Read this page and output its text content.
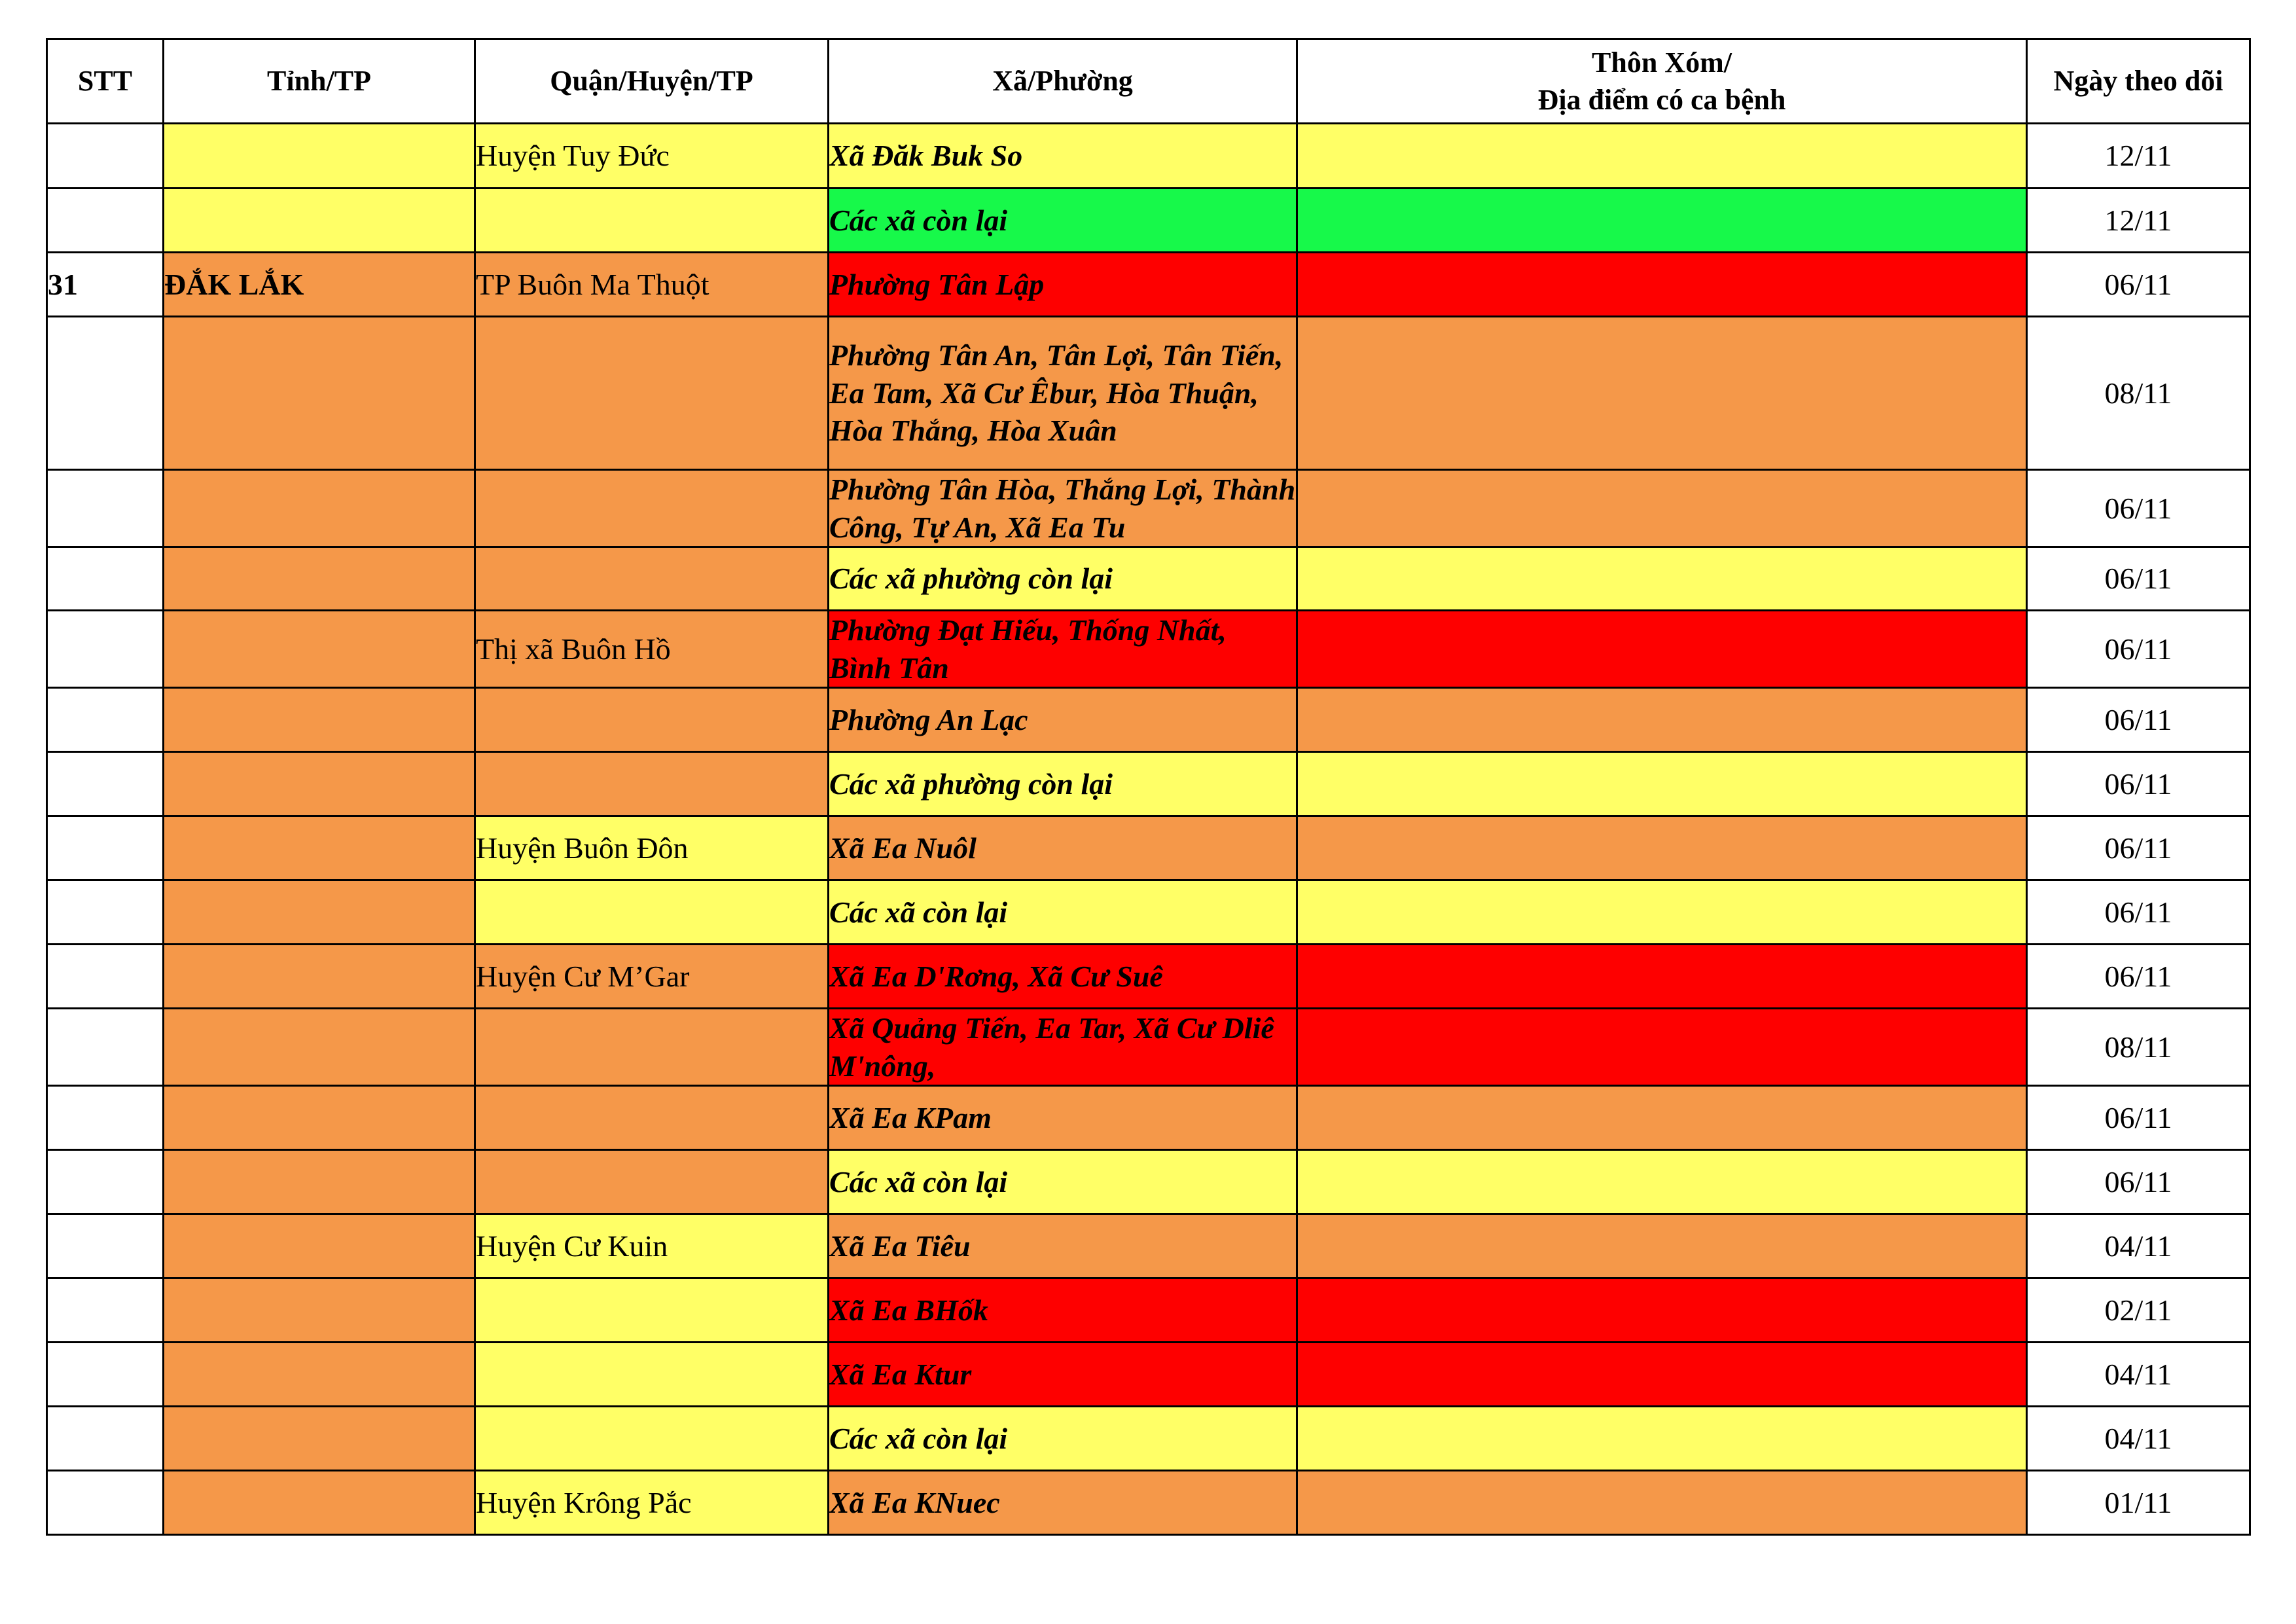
STT	Tỉnh/TP	Quận/Huyện/TP	Xã/Phường	Thôn Xóm/
Địa điểm có ca bệnh	Ngày theo dõi
		Huyện Tuy Đức	Xã Đăk Buk So		12/11
			Các xã còn lại		12/11
31	ĐẮK LẮK	TP Buôn Ma Thuột	Phường Tân Lập		06/11
			Phường Tân An, Tân Lợi, Tân Tiến, Ea Tam, Xã Cư Êbur, Hòa Thuận, Hòa Thắng, Hòa Xuân		08/11
			Phường Tân Hòa, Thắng Lợi, Thành Công, Tự An, Xã Ea Tu		06/11
			Các xã phường còn lại		06/11
		Thị xã Buôn Hồ	Phường Đạt Hiếu, Thống Nhất, Bình Tân		06/11
			Phường An Lạc		06/11
			Các xã phường còn lại		06/11
		Huyện Buôn Đôn	Xã Ea Nuôl		06/11
			Các xã còn lại		06/11
		Huyện Cư M’Gar	Xã Ea D'Rơng, Xã Cư Suê		06/11
			Xã Quảng Tiến, Ea Tar, Xã Cư Dliê M'nông,		08/11
			Xã Ea KPam		06/11
			Các xã còn lại		06/11
		Huyện Cư Kuin	Xã Ea Tiêu		04/11
			Xã Ea BHốk		02/11
			Xã Ea Ktur		04/11
			Các xã còn lại		04/11
		Huyện Krông Pắc	Xã Ea KNuec		01/11
